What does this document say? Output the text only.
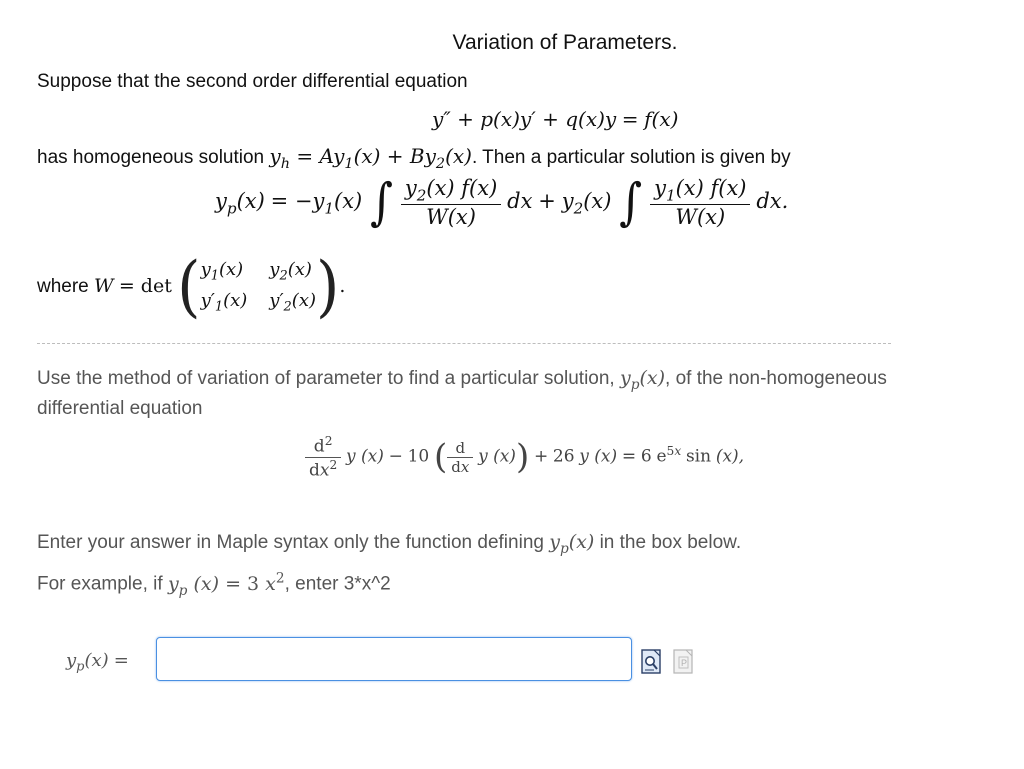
Variation of Parameters.
Suppose that the second order differential equation
y″ + p(x)y′ + q(x)y = f(x)
has homogeneous solution $y_h = Ay_1(x) + By_2(x)$. Then a particular solution is given by
$y_p(x) = -y_1(x)$ ∫ $\frac{y_2(x) f(x)}{W(x)}$ dx + $y_2(x)$ ∫ $\frac{y_1(x) f(x)}{W(x)}$ dx.
where W = det ( $y_1(x)$ $y_2(x)$
$y'_1(x)$ $y'_2(x)$ ).
Use the method of variation of parameter to find a particular solution, $y_p(x)$, of the non-homogeneous
differential equation
$\frac{d^2}{dx^2}$ y (x) − 10 ( $\frac{d}{dx}$ y (x)) + 26 y (x) = 6 $e^{5x}$ sin (x),
Enter your answer in Maple syntax only the function defining $y_p(x)$ in the box below.
For example, if $y_p$ (x) = 3 $x^2$, enter 3*x^2
$y_p(x)$ =	P
